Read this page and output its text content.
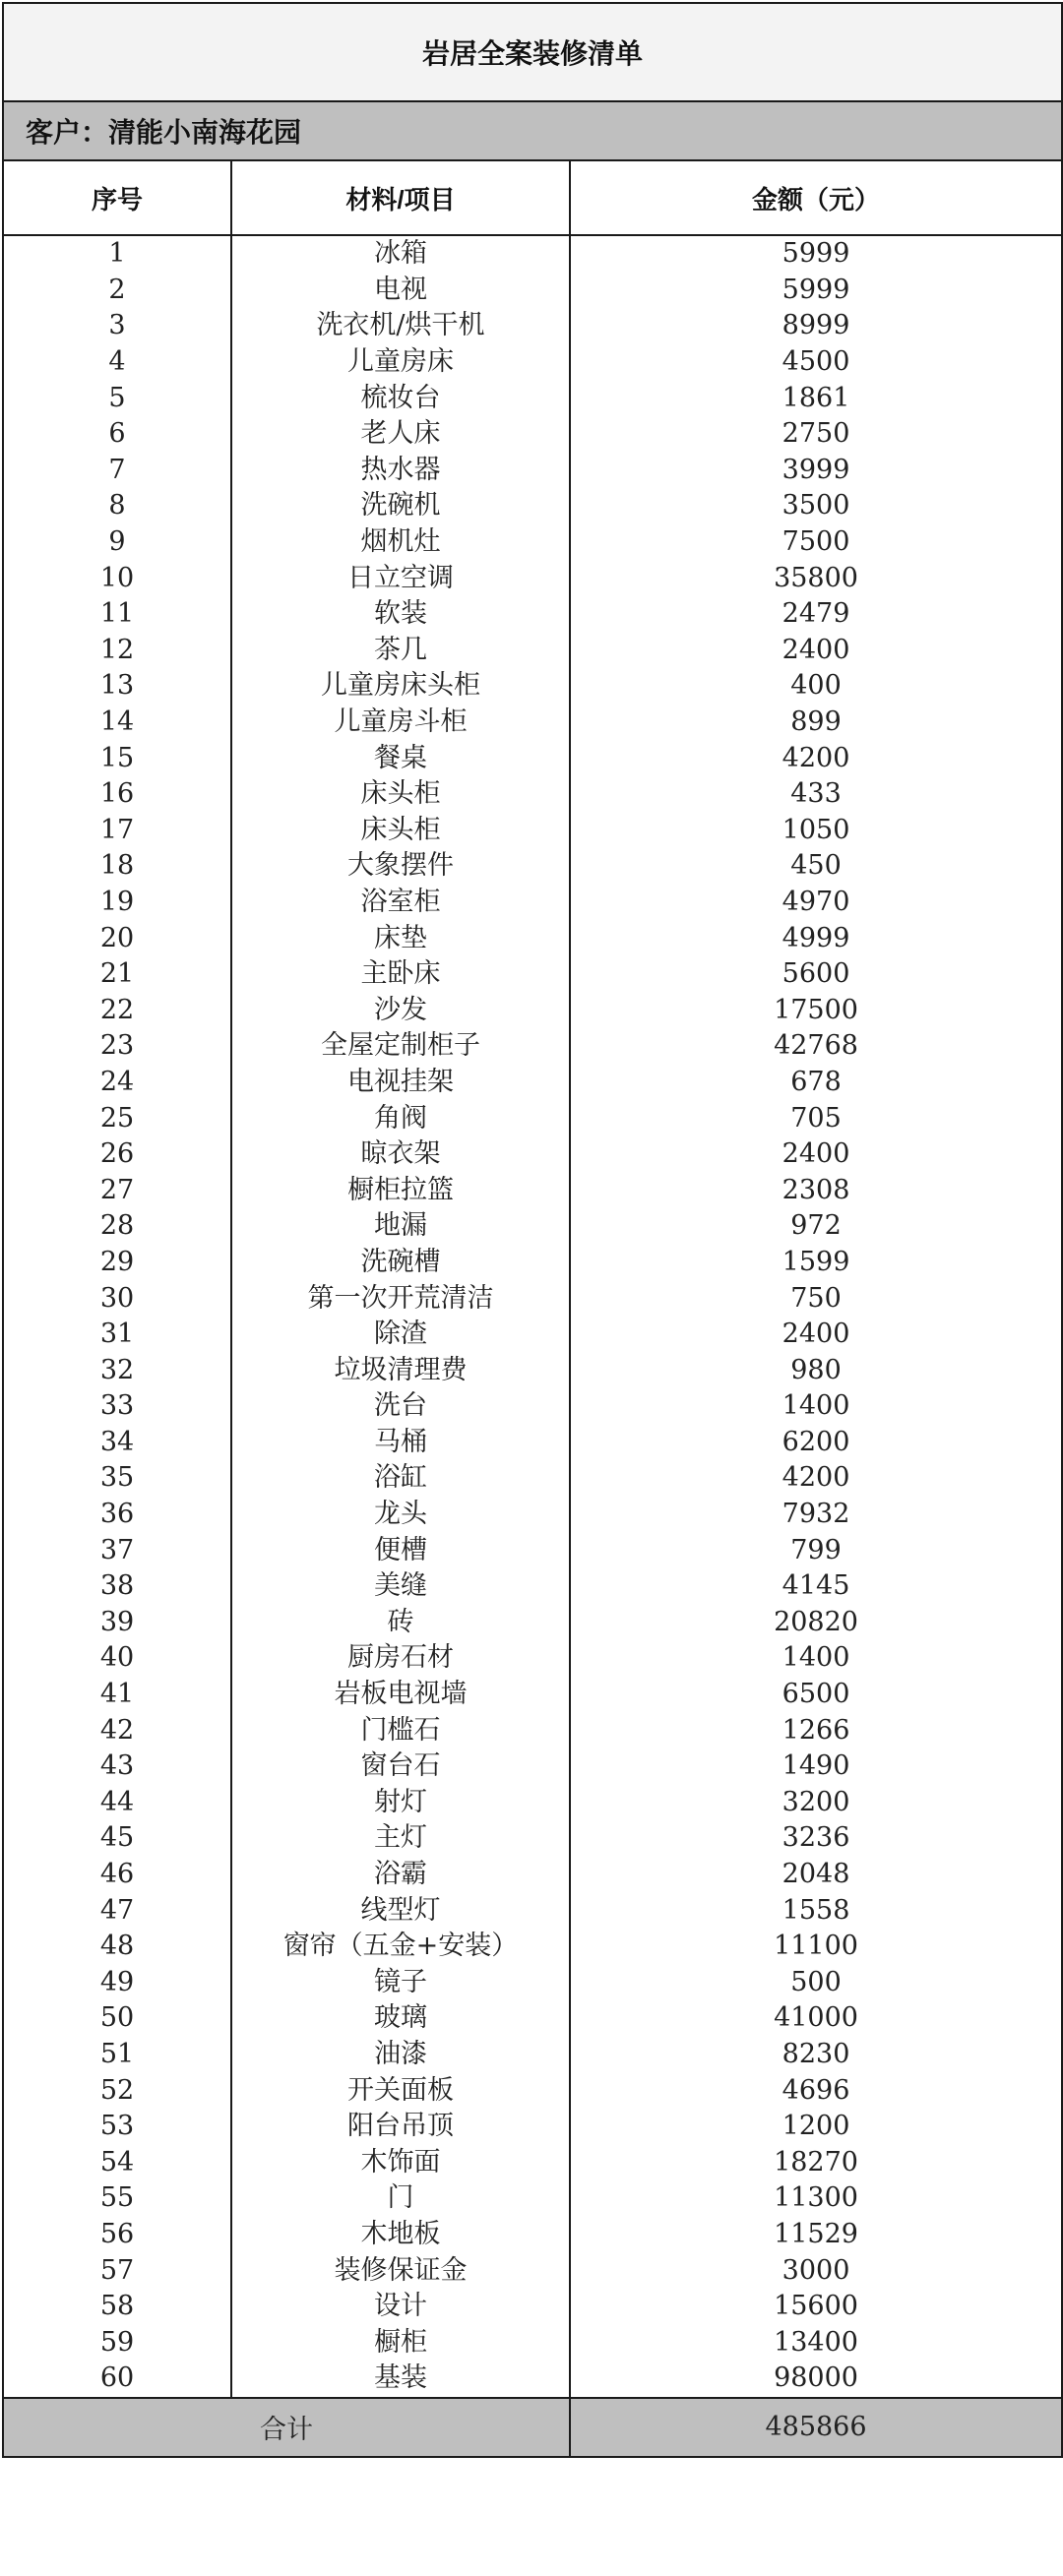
岩居全案装修清单		
客户：清能小南海花园		
序号	材料/项目	金额（元）
1	冰箱	5999
2	电视	5999
3	洗衣机/烘干机	8999
4	儿童房床	4500
5	梳妆台	1861
6	老人床	2750
7	热水器	3999
8	洗碗机	3500
9	烟机灶	7500
10	日立空调	35800
11	软装	2479
12	茶几	2400
13	儿童房床头柜	400
14	儿童房斗柜	899
15	餐桌	4200
16	床头柜	433
17	床头柜	1050
18	大象摆件	450
19	浴室柜	4970
20	床垫	4999
21	主卧床	5600
22	沙发	17500
23	全屋定制柜子	42768
24	电视挂架	678
25	角阀	705
26	晾衣架	2400
27	橱柜拉篮	2308
28	地漏	972
29	洗碗槽	1599
30	第一次开荒清洁	750
31	除渣	2400
32	垃圾清理费	980
33	洗台	1400
34	马桶	6200
35	浴缸	4200
36	龙头	7932
37	便槽	799
38	美缝	4145
39	砖	20820
40	厨房石材	1400
41	岩板电视墙	6500
42	门槛石	1266
43	窗台石	1490
44	射灯	3200
45	主灯	3236
46	浴霸	2048
47	线型灯	1558
48	窗帘（五金+安装）	11100
49	镜子	500
50	玻璃	41000
51	油漆	8230
52	开关面板	4696
53	阳台吊顶	1200
54	木饰面	18270
55	门	11300
56	木地板	11529
57	装修保证金	3000
58	设计	15600
59	橱柜	13400
60	基装	98000
合计		485866
